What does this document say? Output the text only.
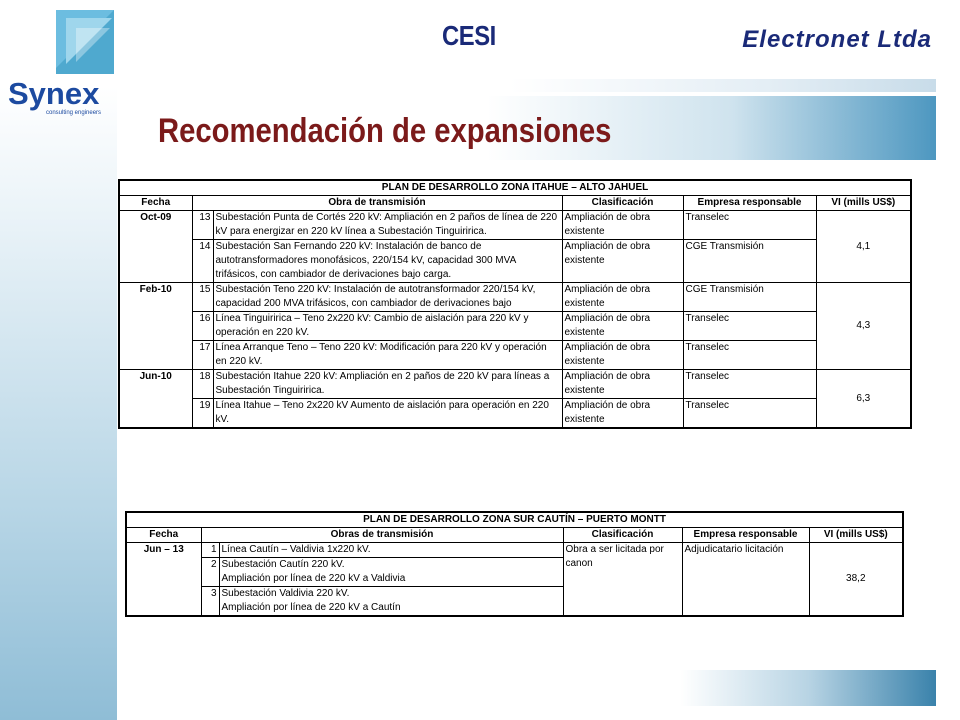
Synex
consulting engineers
CESI	Electronet Ltda
Recomendación de expansiones
PLAN DE DESARROLLO ZONA ITAHUE – ALTO JAHUEL					
Fecha	Obra de transmisión		Clasificación	Empresa responsable	VI (mills US$)
Oct-09	13	Subestación Punta de Cortés 220 kV: Ampliación en 2 paños de línea de 220 kV para energizar en 220 kV línea a Subestación Tinguiririca.	Ampliación de obra existente	Transelec	4,1
	14	Subestación San Fernando 220 kV: Instalación de banco de autotransformadores monofásicos, 220/154 kV, capacidad 300 MVA trifásicos, con cambiador de derivaciones bajo carga.	Ampliación de obra existente	CGE Transmisión	
Feb-10	15	Subestación Teno 220 kV: Instalación de autotransformador 220/154 kV, capacidad 200 MVA trifásicos, con cambiador de derivaciones bajo	Ampliación de obra existente	CGE Transmisión	4,3
	16	Línea Tinguiririca – Teno 2x220 kV: Cambio de aislación para 220 kV y operación en 220 kV.	Ampliación de obra existente	Transelec	
	17	Línea Arranque Teno – Teno 220 kV: Modificación para 220 kV y operación en 220 kV.	Ampliación de obra existente	Transelec	
Jun-10	18	Subestación Itahue 220 kV: Ampliación en 2 paños de 220 kV para líneas a Subestación Tinguiririca.	Ampliación de obra existente	Transelec	6,3
	19	Línea Itahue – Teno 2x220 kV Aumento de aislación para operación en 220 kV.	Ampliación de obra existente	Transelec	
PLAN DE DESARROLLO ZONA SUR CAUTÍN – PUERTO MONTT					
Fecha	Obras de transmisión		Clasificación	Empresa responsable	VI (mills US$)
Jun – 13	1	Línea Cautín – Valdivia 1x220 kV.	Obra a ser licitada por canon	Adjudicatario licitación	38,2
	2	Subestación Cautín 220 kV.
Ampliación por línea de 220 kV a Valdivia			

	3	Subestación Valdivia 220 kV.
Ampliación por línea de 220 kV a Cautín			
